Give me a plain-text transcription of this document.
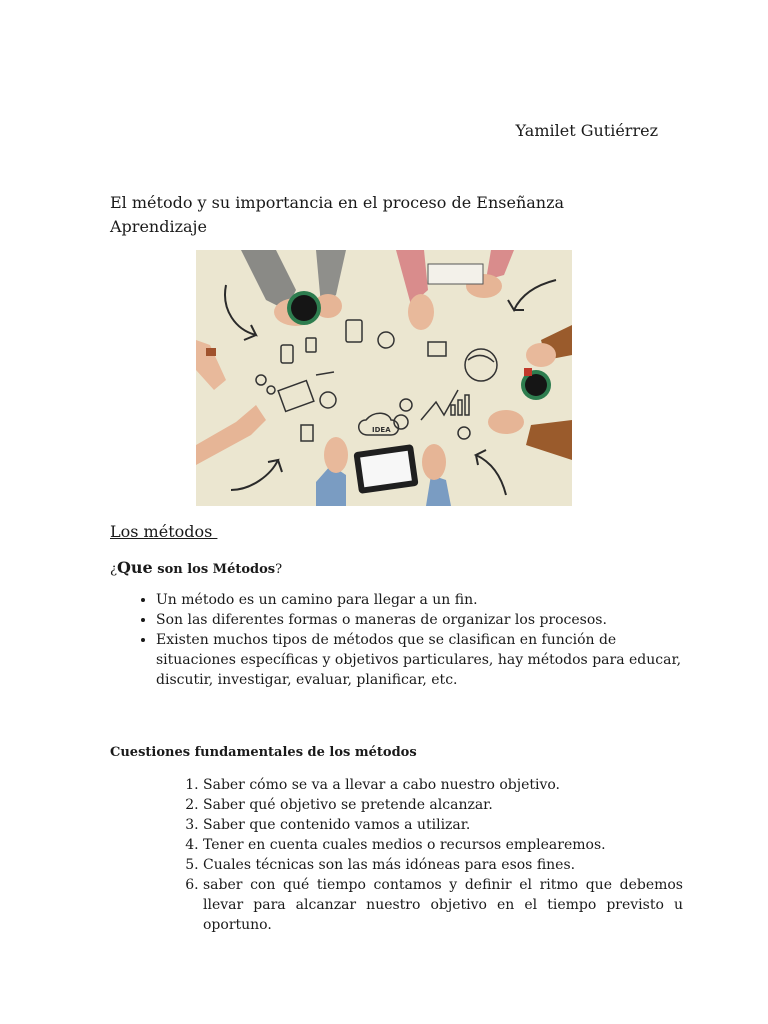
Yamilet Gutiérrez
El método y su importancia en el proceso de Enseñanza Aprendizaje
IDEA
Los métodos
¿Que son los Métodos?
• Un método es un camino para llegar a un fin.
• Son las diferentes formas o maneras de organizar los procesos.
• Existen muchos tipos de métodos que se clasifican en función de situaciones específicas y objetivos particulares, hay métodos para educar, discutir, investigar, evaluar, planificar, etc.
Cuestiones fundamentales de los métodos
1. Saber cómo se va a llevar a cabo nuestro objetivo.
2. Saber qué objetivo se pretende alcanzar.
3. Saber que contenido vamos a utilizar.
4. Tener en cuenta cuales medios o recursos emplearemos.
5. Cuales técnicas son las más idóneas para esos fines.
6. saber con qué tiempo contamos y definir el ritmo que debemos llevar para alcanzar nuestro objetivo en el tiempo previsto u oportuno.
